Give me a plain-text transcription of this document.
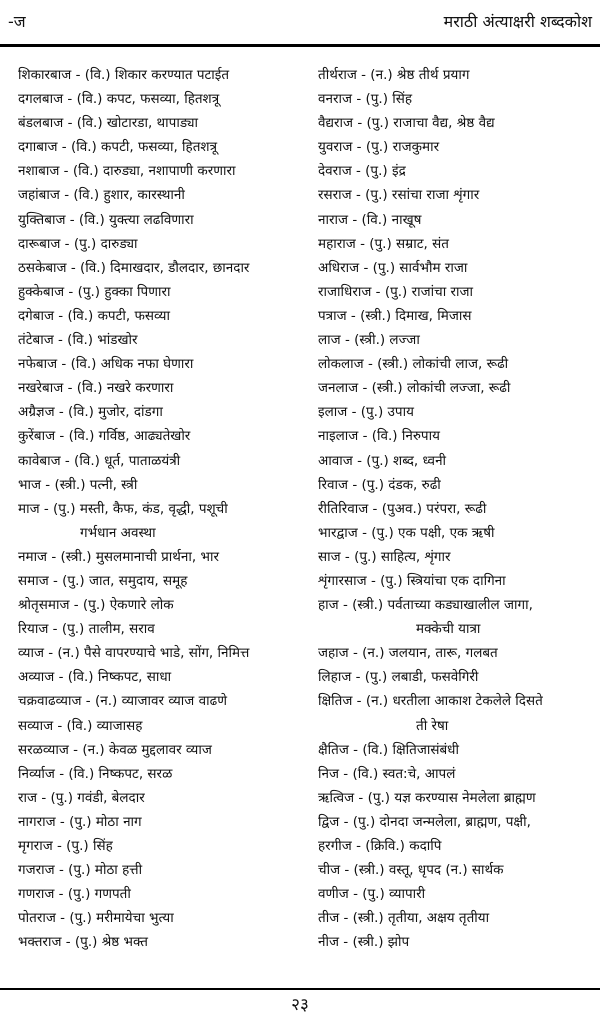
-ज	मराठी अंत्याक्षरी शब्दकोश
शिकारबाज - (वि.) शिकार करण्यात पटाईत
दगलबाज - (वि.) कपट, फसव्या, हितशत्रू
बंडलबाज - (वि.) खोटारडा, थापाड्या
दगाबाज - (वि.) कपटी, फसव्या, हितशत्रू
नशाबाज - (वि.) दारुड्या, नशापाणी करणारा
जहांबाज - (वि.) हुशार, कारस्थानी
युक्तिबाज - (वि.) युक्त्या लढविणारा
दारूबाज - (पु.) दारुड्या
ठसकेबाज - (वि.) दिमाखदार, डौलदार, छानदार
हुक्केबाज - (पु.) हुक्का पिणारा
दगेबाज - (वि.) कपटी, फसव्या
तंटेबाज - (वि.) भांडखोर
नफेबाज - (वि.) अधिक नफा घेणारा
नखरेबाज - (वि.) नखरे करणारा
अग्रैज्ञज - (वि.) मुजोर, दांडगा
कुरेंबाज - (वि.) गर्विष्ठ, आढ्यतेखोर
कावेबाज - (वि.) धूर्त, पाताळयंत्री
भाज - (स्त्री.) पत्नी, स्त्री
माज - (पु.) मस्ती, कैफ, कंड, वृद्धी, पशूची
गर्भधान अवस्था
नमाज - (स्त्री.) मुसलमानाची प्रार्थना, भार
समाज - (पु.) जात, समुदाय, समूह
श्रोतृसमाज - (पु.) ऐकणारे लोक
रियाज - (पु.) तालीम, सराव
व्याज - (न.) पैसे वापरण्याचे भाडे, सोंग, निमित्त
अव्याज - (वि.) निष्कपट, साधा
चक्रवाढव्याज - (न.) व्याजावर व्याज वाढणे
सव्याज - (वि.) व्याजासह
सरळव्याज - (न.) केवळ मुद्दलावर व्याज
निर्व्याज - (वि.) निष्कपट, सरळ
राज - (पु.) गवंडी, बेलदार
नागराज - (पु.) मोठा नाग
मृगराज - (पु.) सिंह
गजराज - (पु.) मोठा हत्ती
गणराज - (पु.) गणपती
पोतराज - (पु.) मरीमायेचा भुत्या
भक्तराज - (पु.) श्रेष्ठ भक्त
तीर्थराज - (न.) श्रेष्ठ तीर्थ प्रयाग
वनराज - (पु.) सिंह
वैद्यराज - (पु.) राजाचा वैद्य, श्रेष्ठ वैद्य
युवराज - (पु.) राजकुमार
देवराज - (पु.) इंद्र
रसराज - (पु.) रसांचा राजा शृंगार
नाराज - (वि.) नाखूष
महाराज - (पु.) सम्राट, संत
अधिराज - (पु.) सार्वभौम राजा
राजाधिराज - (पु.) राजांचा राजा
पत्राज - (स्त्री.) दिमाख, मिजास
लाज - (स्त्री.) लज्जा
लोकलाज - (स्त्री.) लोकांची लाज, रूढी
जनलाज - (स्त्री.) लोकांची लज्जा, रूढी
इलाज - (पु.) उपाय
नाइलाज - (वि.) निरुपाय
आवाज - (पु.) शब्द, ध्वनी
रिवाज - (पु.) दंडक, रुढी
रीतिरिवाज - (पुअव.) परंपरा, रूढी
भारद्वाज - (पु.) एक पक्षी, एक ऋषी
साज - (पु.) साहित्य, शृंगार
शृंगारसाज - (पु.) स्त्रियांचा एक दागिना
हाज - (स्त्री.) पर्वताच्या कड्याखालील जागा,
मक्केची यात्रा
जहाज - (न.) जलयान, तारू, गलबत
लिहाज - (पु.) लबाडी, फसवेगिरी
क्षितिज - (न.) धरतीला आकाश टेकलेले दिसते
ती रेषा
क्षैतिज - (वि.) क्षितिजासंबंधी
निज - (वि.) स्वत:चे, आपलं
ऋत्विज - (पु.) यज्ञ करण्यास नेमलेला ब्राह्मण
द्विज - (पु.) दोनदा जन्मलेला, ब्राह्मण, पक्षी,
हरगीज - (क्रिवि.) कदापि
चीज - (स्त्री.) वस्तू, धृपद (न.) सार्थक
वणीज - (पु.) व्यापारी
तीज - (स्त्री.) तृतीया, अक्षय तृतीया
नीज - (स्त्री.) झोप
२३
